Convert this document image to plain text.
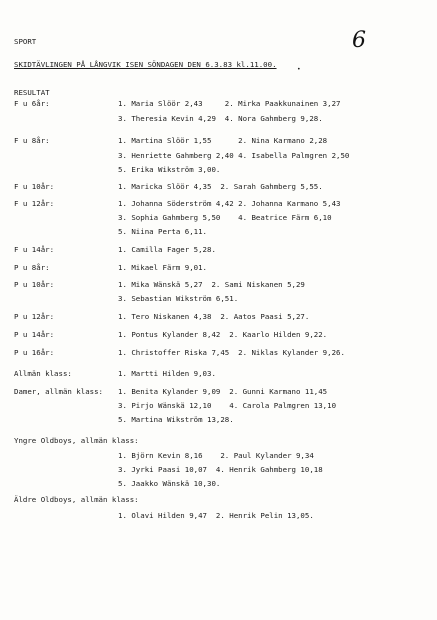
SPORT	6
SKIDTÄVLINGEN PÅ LÅNGVIK ISEN SÖNDAGEN DEN 6.3.83 kl.11.00.
•
RESULTAT
F u 6år:	1. Maria Slöör 2,43     2. Mirka Paakkunainen 3,27
3. Theresia Kevin 4,29  4. Nora Gahmberg 9,28.
F u 8år:	1. Martina Slöör 1,55      2. Nina Karmano 2,28
3. Henriette Gahmberg 2,40 4. Isabella Palmgren 2,50
5. Erika Wikström 3,00.
F u 10år:	1. Maricka Slöör 4,35  2. Sarah Gahmberg 5,55.
F u 12år:	1. Johanna Söderström 4,42 2. Johanna Karmano 5,43
3. Sophia Gahmberg 5,50    4. Beatrice Färm 6,10
5. Niina Perta 6,11.
F u 14år:	1. Camilla Fager 5,28.
P u 8år:	1. Mikael Färm 9,01.
P u 10år:	1. Mika Wänskä 5,27  2. Sami Niskanen 5,29
3. Sebastian Wikström 6,51.
P u 12år:	1. Tero Niskanen 4,38  2. Aatos Paasi 5,27.
P u 14år:	1. Pontus Kylander 8,42  2. Kaarlo Hilden 9,22.
P u 16år:	1. Christoffer Riska 7,45  2. Niklas Kylander 9,26.
Allmän klass:	1. Martti Hilden 9,03.
Damer, allmän klass: 1. Benita Kylander 9,09  2. Gunni Karmano 11,45
3. Pirjo Wänskä 12,10    4. Carola Palmgren 13,10
5. Martina Wikström 13,28.
Yngre Oldboys, allmän klass:
1. Björn Kevin 8,16    2. Paul Kylander 9,34
3. Jyrki Paasi 10,07  4. Henrik Gahmberg 10,18
5. Jaakko Wänskä 10,30.
Äldre Oldboys, allmän klass:
1. Olavi Hilden 9,47  2. Henrik Pelin 13,05.
